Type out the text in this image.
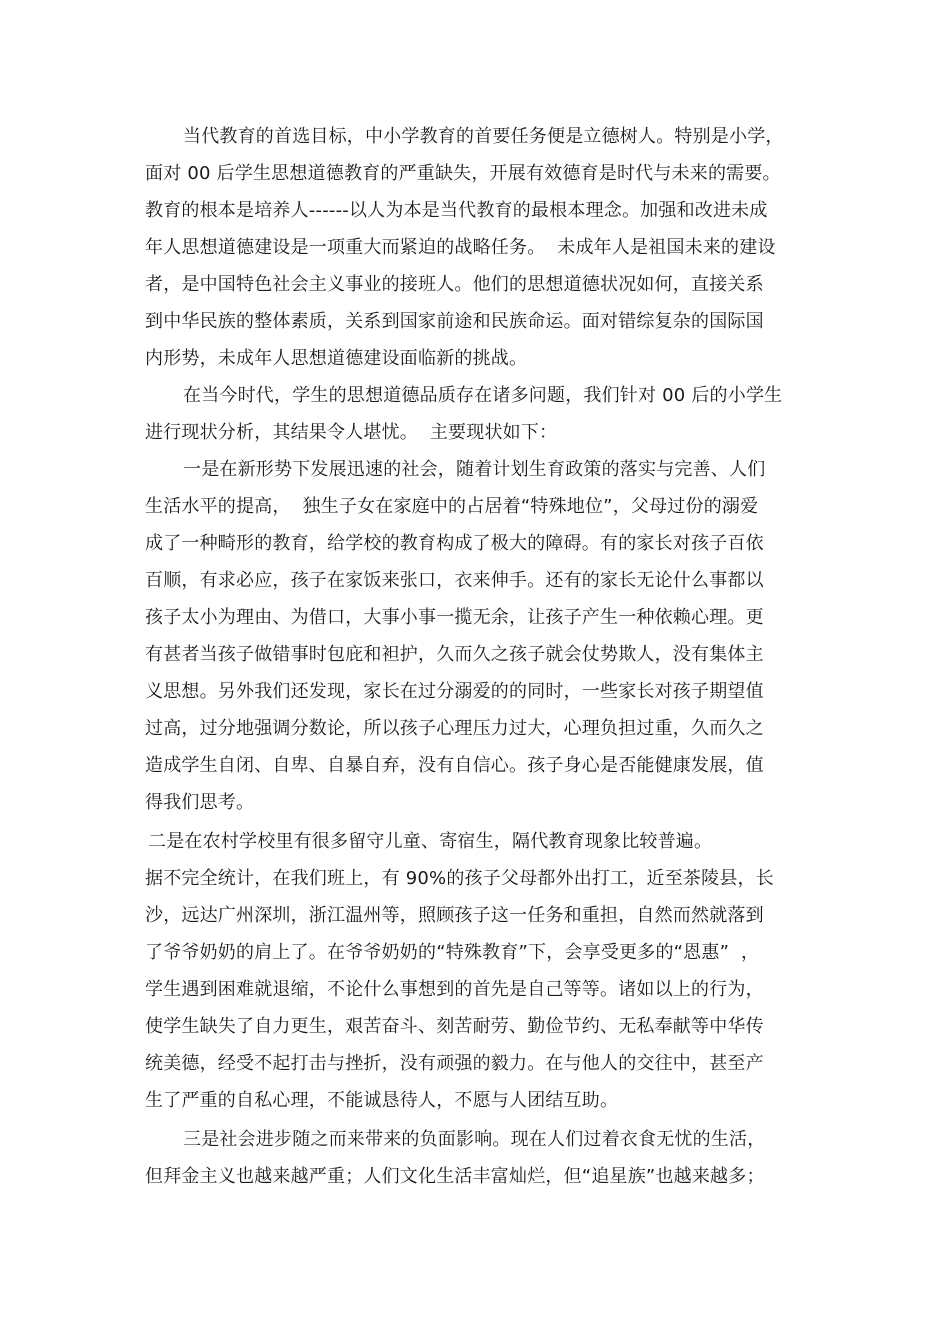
当代教育的首选目标，中小学教育的首要任务便是立德树人。特别是小学，
面对 00 后学生思想道德教育的严重缺失，开展有效德育是时代与未来的需要。
教育的根本是培养人------以人为本是当代教育的最根本理念。加强和改进未成
年人思想道德建设是一项重大而紧迫的战略任务。  未成年人是祖国未来的建设
者，是中国特色社会主义事业的接班人。他们的思想道德状况如何，直接关系
到中华民族的整体素质，关系到国家前途和民族命运。面对错综复杂的国际国
内形势，未成年人思想道德建设面临新的挑战。
在当今时代，学生的思想道德品质存在诸多问题，我们针对 00 后的小学生
进行现状分析，其结果令人堪忧。  主要现状如下：
一是在新形势下发展迅速的社会，随着计划生育政策的落实与完善、人们
生活水平的提高，  独生子女在家庭中的占居着“特殊地位”，父母过份的溺爱
成了一种畸形的教育，给学校的教育构成了极大的障碍。有的家长对孩子百依
百顺，有求必应，孩子在家饭来张口，衣来伸手。还有的家长无论什么事都以
孩子太小为理由、为借口，大事小事一揽无余，让孩子产生一种依赖心理。更
有甚者当孩子做错事时包庇和袒护，久而久之孩子就会仗势欺人，没有集体主
义思想。另外我们还发现，家长在过分溺爱的的同时，一些家长对孩子期望值
过高，过分地强调分数论，所以孩子心理压力过大，心理负担过重，久而久之
造成学生自闭、自卑、自暴自弃，没有自信心。孩子身心是否能健康发展，值
得我们思考。
二是在农村学校里有很多留守儿童、寄宿生，隔代教育现象比较普遍。
据不完全统计，在我们班上，有 90%的孩子父母都外出打工，近至茶陵县，长
沙，远达广州深圳，浙江温州等，照顾孩子这一任务和重担，自然而然就落到
了爷爷奶奶的肩上了。在爷爷奶奶的“特殊教育”下，会享受更多的“恩惠”  ，
学生遇到困难就退缩，不论什么事想到的首先是自己等等。诸如以上的行为，
使学生缺失了自力更生，艰苦奋斗、刻苦耐劳、勤俭节约、无私奉献等中华传
统美德，经受不起打击与挫折，没有顽强的毅力。在与他人的交往中，甚至产
生了严重的自私心理，不能诚恳待人，不愿与人团结互助。
三是社会进步随之而来带来的负面影响。现在人们过着衣食无忧的生活，
但拜金主义也越来越严重；人们文化生活丰富灿烂，但“追星族”也越来越多；
